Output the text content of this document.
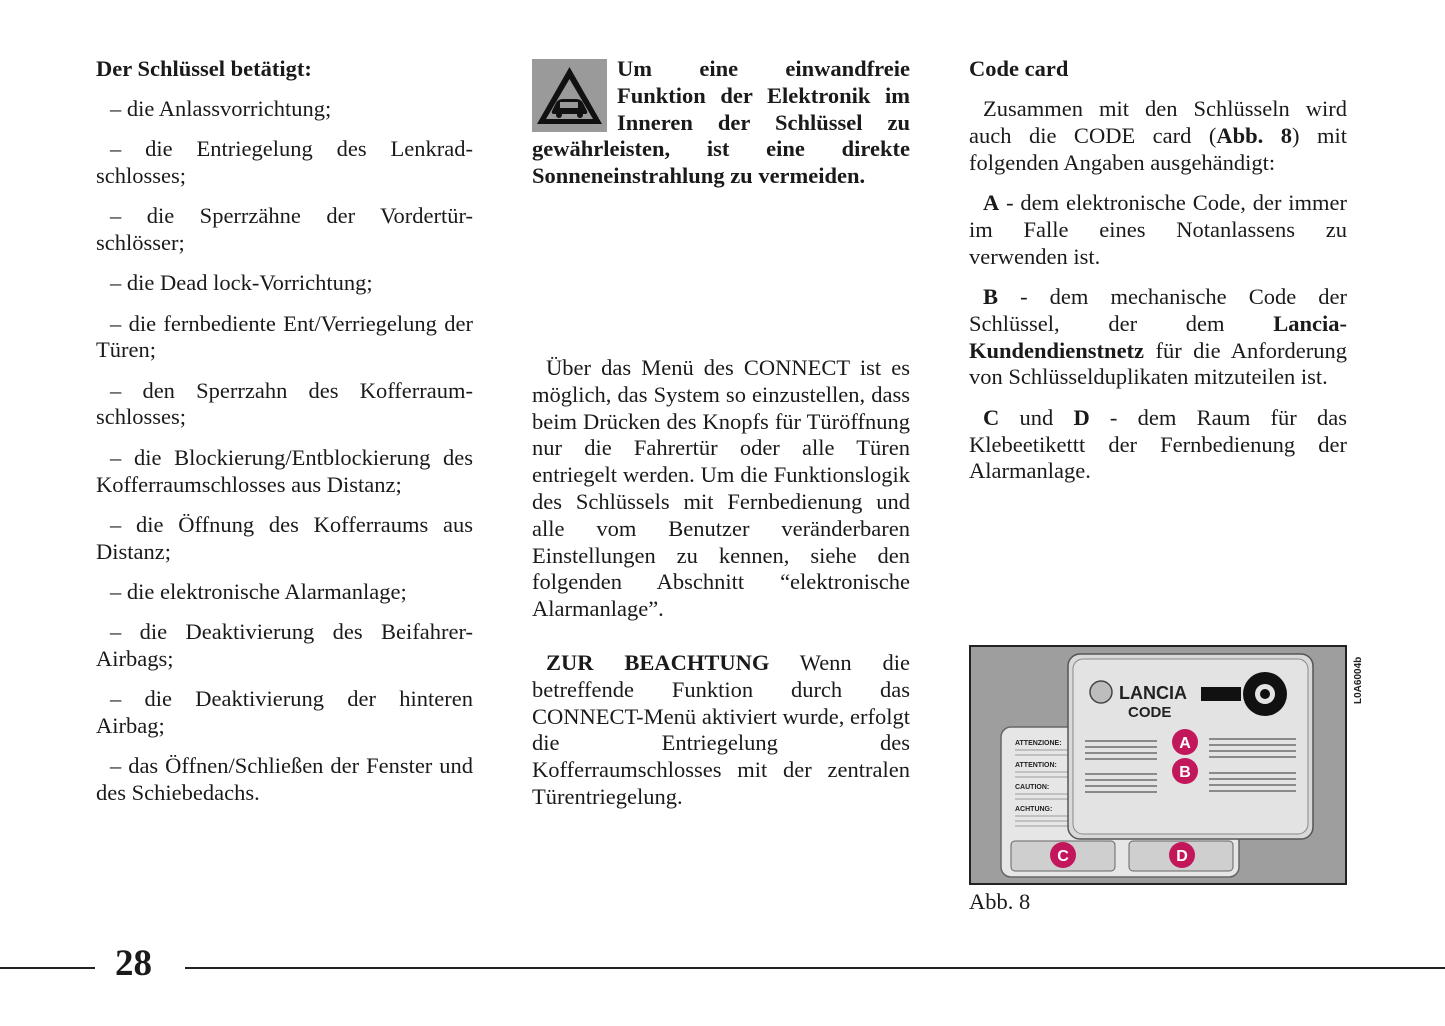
Der Schlüssel betätigt:

– die Anlassvorrichtung;

– die Entriegelung des Lenkrad-schlosses;

– die Sperrzähne der Vordertür-schlösser;

– die Dead lock-Vorrichtung;

– die fernbediente Ent/Verriegelung der Türen;

– den Sperrzahn des Kofferraum-schlosses;

– die Blockierung/Entblockierung des Kofferraumschlosses aus Distanz;

– die Öffnung des Kofferraums aus Distanz;

– die elektronische Alarmanlage;

– die Deaktivierung des Beifahrer-Airbags;

– die Deaktivierung der hinteren Airbag;

– das Öffnen/Schließen der Fenster und des Schiebedachs.

Um eine einwandfreie Funktion der Elektronik im Inneren der Schlüssel zu gewährleisten, ist eine direkte Sonneneinstrahlung zu vermeiden.

Über das Menü des CONNECT ist es möglich, das System so einzustellen, dass beim Drücken des Knopfs für Türöffnung nur die Fahrertür oder alle Türen entriegelt werden. Um die Funktionslogik des Schlüssels mit Fernbedienung und alle vom Benutzer veränderbaren Einstellungen zu kennen, siehe den folgenden Abschnitt “elektronische Alarmanlage”.

ZUR BEACHTUNG Wenn die betreffende Funktion durch das CONNECT-Menü aktiviert wurde, erfolgt die Entriegelung des Kofferraumschlosses mit der zentralen Türentriegelung.

Code card

Zusammen mit den Schlüsseln wird auch die CODE card (Abb. 8) mit folgenden Angaben ausgehändigt:

A - dem elektronische Code, der immer im Falle eines Notanlassens zu verwenden ist.

B - dem mechanische Code der Schlüssel, der dem Lancia-Kundendienstnetz für die Anforderung von Schlüsselduplikaten mitzuteilen ist.

C und D - dem Raum für das Klebeetikettt der Fernbedienung der Alarmanlage.

ATTENZIONE:
ATTENTION:
CAUTION:
ACHTUNG:
LANCIA
CODE
A
B
C	D
L0A6004b
Abb. 8
28
